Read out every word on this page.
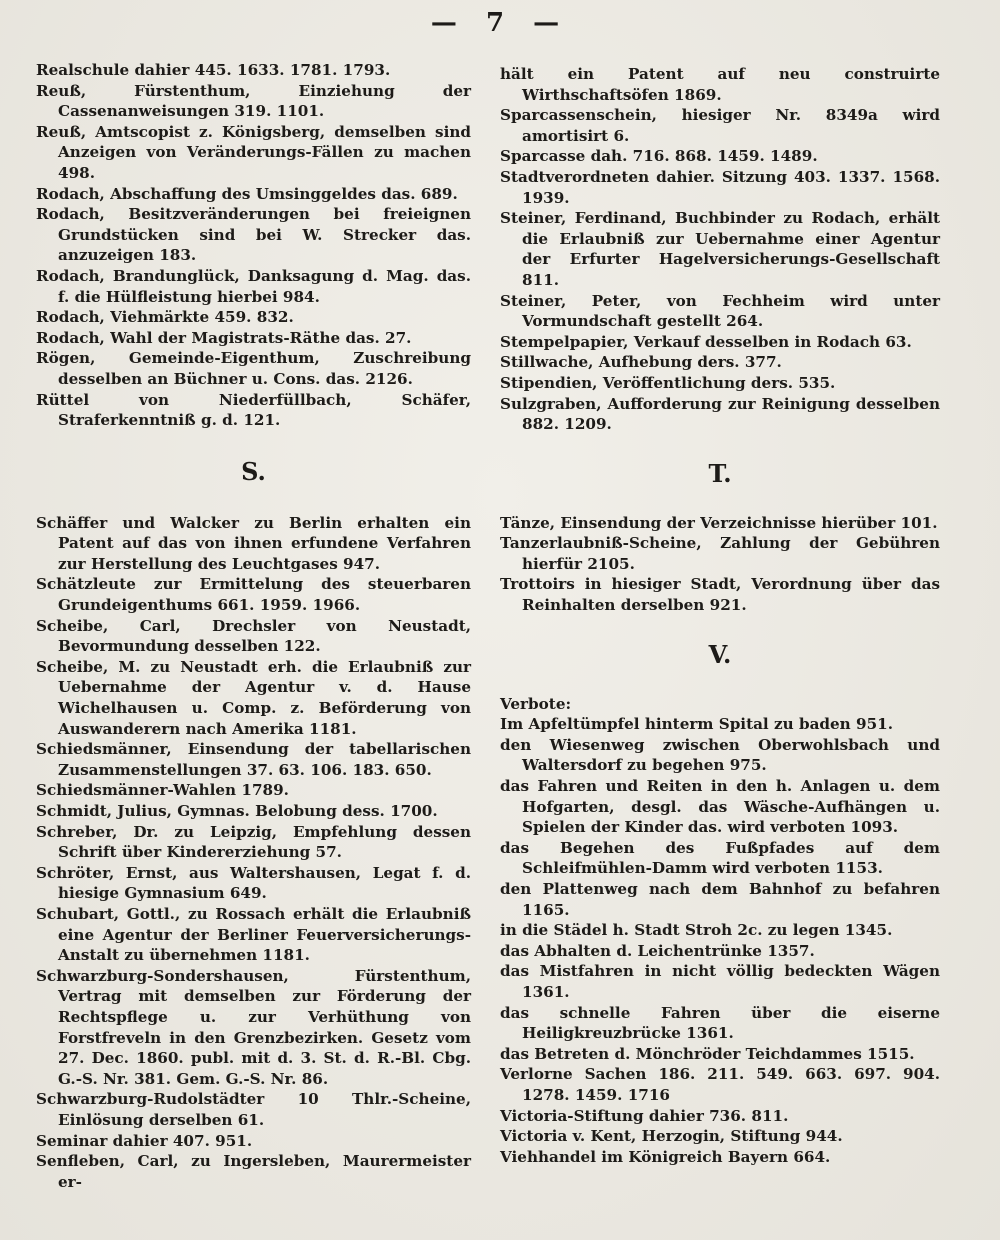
— 7 —
Realschule dahier 445. 1633. 1781. 1793.
Reuß, Fürstenthum, Einziehung der Cassenanweisungen 319. 1101.
Reuß, Amtscopist z. Königsberg, demselben sind Anzeigen von Veränderungs-Fällen zu machen 498.
Rodach, Abschaffung des Umsinggeldes das. 689.
Rodach, Besitzveränderungen bei freieignen Grundstücken sind bei W. Strecker das. anzuzeigen 183.
Rodach, Brandunglück, Danksagung d. Mag. das. f. die Hülfleistung hierbei 984.
Rodach, Viehmärkte 459. 832.
Rodach, Wahl der Magistrats-Räthe das. 27.
Rögen, Gemeinde-Eigenthum, Zuschreibung desselben an Büchner u. Cons. das. 2126.
Rüttel von Niederfüllbach, Schäfer, Straferkenntniß g. d. 121.
S.
Schäffer und Walcker zu Berlin erhalten ein Patent auf das von ihnen erfundene Verfahren zur Herstellung des Leuchtgases 947.
Schätzleute zur Ermittelung des steuerbaren Grundeigenthums 661. 1959. 1966.
Scheibe, Carl, Drechsler von Neustadt, Bevormundung desselben 122.
Scheibe, M. zu Neustadt erh. die Erlaubniß zur Uebernahme der Agentur v. d. Hause Wichelhausen u. Comp. z. Beförderung von Auswanderern nach Amerika 1181.
Schiedsmänner, Einsendung der tabellarischen Zusammenstellungen 37. 63. 106. 183. 650.
Schiedsmänner-Wahlen 1789.
Schmidt, Julius, Gymnas. Belobung dess. 1700.
Schreber, Dr. zu Leipzig, Empfehlung dessen Schrift über Kindererziehung 57.
Schröter, Ernst, aus Waltershausen, Legat f. d. hiesige Gymnasium 649.
Schubart, Gottl., zu Rossach erhält die Erlaubniß eine Agentur der Berliner Feuerversicherungs-Anstalt zu übernehmen 1181.
Schwarzburg-Sondershausen, Fürstenthum, Vertrag mit demselben zur Förderung der Rechtspflege u. zur Verhüthung von Forstfreveln in den Grenzbezirken. Gesetz vom 27. Dec. 1860. publ. mit d. 3. St. d. R.-Bl. Cbg. G.-S. Nr. 381. Gem. G.-S. Nr. 86.
Schwarzburg-Rudolstädter 10 Thlr.-Scheine, Einlösung derselben 61.
Seminar dahier 407. 951.
Senfleben, Carl, zu Ingersleben, Maurermeister er-
hält ein Patent auf neu construirte Wirthschaftsöfen 1869.
Sparcassenschein, hiesiger Nr. 8349a wird amortisirt 6.
Sparcasse dah. 716. 868. 1459. 1489.
Stadtverordneten dahier. Sitzung 403. 1337. 1568. 1939.
Steiner, Ferdinand, Buchbinder zu Rodach, erhält die Erlaubniß zur Uebernahme einer Agentur der Erfurter Hagelversicherungs-Gesellschaft 811.
Steiner, Peter, von Fechheim wird unter Vormundschaft gestellt 264.
Stempelpapier, Verkauf desselben in Rodach 63.
Stillwache, Aufhebung ders. 377.
Stipendien, Veröffentlichung ders. 535.
Sulzgraben, Aufforderung zur Reinigung desselben 882. 1209.
T.
Tänze, Einsendung der Verzeichnisse hierüber 101.
Tanzerlaubniß-Scheine, Zahlung der Gebühren hierfür 2105.
Trottoirs in hiesiger Stadt, Verordnung über das Reinhalten derselben 921.
V.
Verbote:
Im Apfeltümpfel hinterm Spital zu baden 951.
den Wiesenweg zwischen Oberwohlsbach und Waltersdorf zu begehen 975.
das Fahren und Reiten in den h. Anlagen u. dem Hofgarten, desgl. das Wäsche-Aufhängen u. Spielen der Kinder das. wird verboten 1093.
das Begehen des Fußpfades auf dem Schleifmühlen-Damm wird verboten 1153.
den Plattenweg nach dem Bahnhof zu befahren 1165.
in die Städel h. Stadt Stroh 2c. zu legen 1345.
das Abhalten d. Leichentrünke 1357.
das Mistfahren in nicht völlig bedeckten Wägen 1361.
das schnelle Fahren über die eiserne Heiligkreuzbrücke 1361.
das Betreten d. Mönchröder Teichdammes 1515.
Verlorne Sachen 186. 211. 549. 663. 697. 904. 1278. 1459. 1716
Victoria-Stiftung dahier 736. 811.
Victoria v. Kent, Herzogin, Stiftung 944.
Viehhandel im Königreich Bayern 664.
